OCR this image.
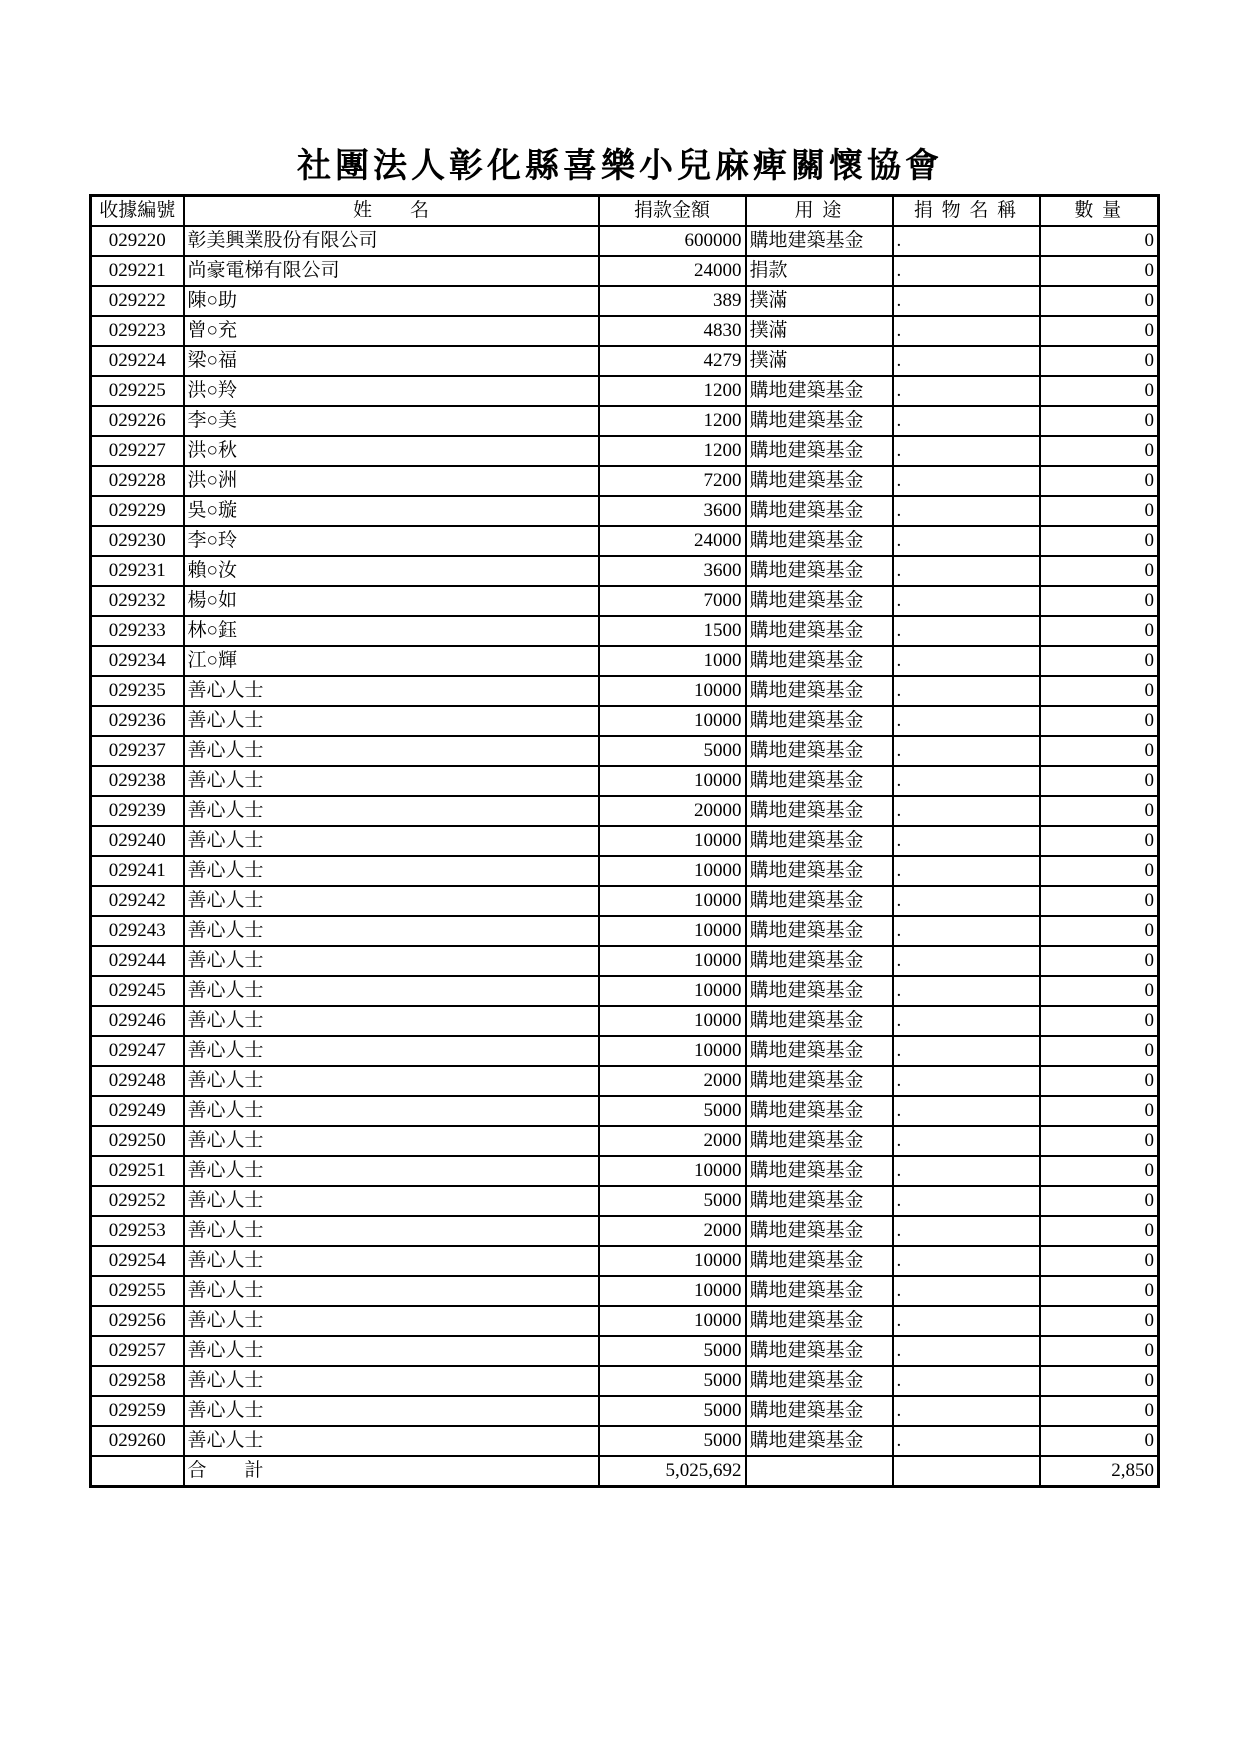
社團法人彰化縣喜樂小兒麻痺關懷協會
收據編號	姓　　名	捐款金額	用 途	捐 物 名 稱	數 量
029220	彰美興業股份有限公司	600000	購地建築基金	.	0
029221	尚豪電梯有限公司	24000	捐款	.	0
029222	陳○助	389	撲滿	.	0
029223	曾○充	4830	撲滿	.	0
029224	梁○福	4279	撲滿	.	0
029225	洪○羚	1200	購地建築基金	.	0
029226	李○美	1200	購地建築基金	.	0
029227	洪○秋	1200	購地建築基金	.	0
029228	洪○洲	7200	購地建築基金	.	0
029229	吳○璇	3600	購地建築基金	.	0
029230	李○玲	24000	購地建築基金	.	0
029231	賴○汝	3600	購地建築基金	.	0
029232	楊○如	7000	購地建築基金	.	0
029233	林○鈺	1500	購地建築基金	.	0
029234	江○輝	1000	購地建築基金	.	0
029235	善心人士	10000	購地建築基金	.	0
029236	善心人士	10000	購地建築基金	.	0
029237	善心人士	5000	購地建築基金	.	0
029238	善心人士	10000	購地建築基金	.	0
029239	善心人士	20000	購地建築基金	.	0
029240	善心人士	10000	購地建築基金	.	0
029241	善心人士	10000	購地建築基金	.	0
029242	善心人士	10000	購地建築基金	.	0
029243	善心人士	10000	購地建築基金	.	0
029244	善心人士	10000	購地建築基金	.	0
029245	善心人士	10000	購地建築基金	.	0
029246	善心人士	10000	購地建築基金	.	0
029247	善心人士	10000	購地建築基金	.	0
029248	善心人士	2000	購地建築基金	.	0
029249	善心人士	5000	購地建築基金	.	0
029250	善心人士	2000	購地建築基金	.	0
029251	善心人士	10000	購地建築基金	.	0
029252	善心人士	5000	購地建築基金	.	0
029253	善心人士	2000	購地建築基金	.	0
029254	善心人士	10000	購地建築基金	.	0
029255	善心人士	10000	購地建築基金	.	0
029256	善心人士	10000	購地建築基金	.	0
029257	善心人士	5000	購地建築基金	.	0
029258	善心人士	5000	購地建築基金	.	0
029259	善心人士	5000	購地建築基金	.	0
029260	善心人士	5000	購地建築基金	.	0
	合　　計	5,025,692			2,850
